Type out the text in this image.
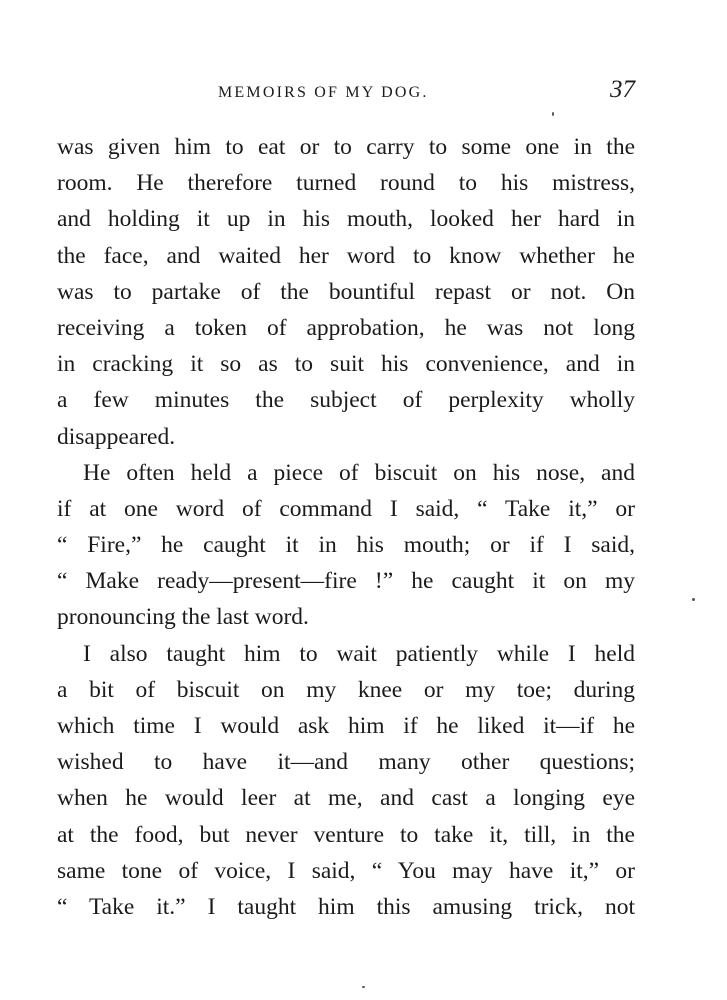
MEMOIRS OF MY DOG.	37
was given him to eat or to carry to some one in the
room. He therefore turned round to his mistress,
and holding it up in his mouth, looked her hard in
the face, and waited her word to know whether he
was to partake of the bountiful repast or not. On
receiving a token of approbation, he was not long
in cracking it so as to suit his convenience, and in
a few minutes the subject of perplexity wholly
disappeared.
He often held a piece of biscuit on his nose, and
if at one word of command I said, “ Take it,” or
“ Fire,” he caught it in his mouth; or if I said,
“ Make ready—present—fire !” he caught it on my
pronouncing the last word.
I also taught him to wait patiently while I held
a bit of biscuit on my knee or my toe; during
which time I would ask him if he liked it—if he
wished to have it—and many other questions;
when he would leer at me, and cast a longing eye
at the food, but never venture to take it, till, in the
same tone of voice, I said, “ You may have it,” or
“ Take it.” I taught him this amusing trick, not
